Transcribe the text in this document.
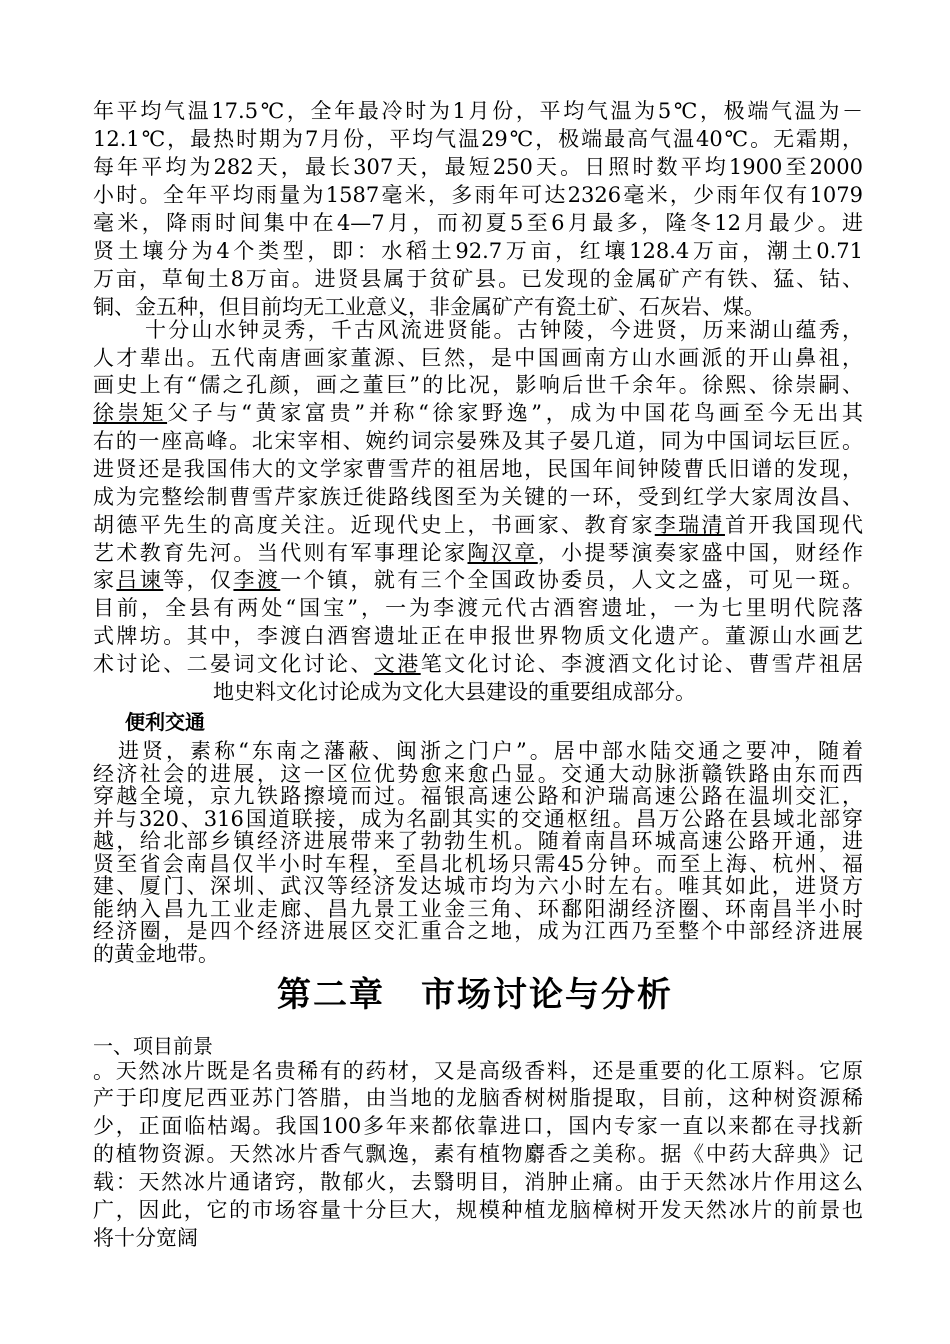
年平均气温17.5℃，全年最冷时为1月份，平均气温为5℃，极端气温为－
12.1℃，最热时期为7月份，平均气温29℃，极端最高气温40℃。无霜期，
每年平均为282天，最长307天，最短250天。日照时数平均1900至2000
小时。全年平均雨量为1587毫米，多雨年可达2326毫米，少雨年仅有1079
毫米，降雨时间集中在4—7月，而初夏5至6月最多，隆冬12月最少。进
贤土壤分为4个类型，即：水稻土92.7万亩，红壤128.4万亩，潮土0.71
万亩，草甸土8万亩。进贤县属于贫矿县。已发现的金属矿产有铁、猛、钴、
铜、金五种，但目前均无工业意义，非金属矿产有瓷土矿、石灰岩、煤。
十分山水钟灵秀，千古风流进贤能。古钟陵，今进贤，历来湖山蕴秀，
人才辈出。五代南唐画家董源、巨然，是中国画南方山水画派的开山鼻祖，
画史上有“儒之孔颜，画之董巨”的比况，影响后世千余年。徐熙、徐崇嗣、
徐崇矩父子与“黄家富贵”并称“徐家野逸”，成为中国花鸟画至今无出其
右的一座高峰。北宋宰相、婉约词宗晏殊及其子晏几道，同为中国词坛巨匠。
进贤还是我国伟大的文学家曹雪芹的祖居地，民国年间钟陵曹氏旧谱的发现，
成为完整绘制曹雪芹家族迁徙路线图至为关键的一环，受到红学大家周汝昌、
胡德平先生的高度关注。近现代史上，书画家、教育家李瑞清首开我国现代
艺术教育先河。当代则有军事理论家陶汉章，小提琴演奏家盛中国，财经作
家吕谏等，仅李渡一个镇，就有三个全国政协委员，人文之盛，可见一斑。
目前，全县有两处“国宝”，一为李渡元代古酒窖遗址，一为七里明代院落
式牌坊。其中，李渡白酒窖遗址正在申报世界物质文化遗产。董源山水画艺
术讨论、二晏词文化讨论、文港笔文化讨论、李渡酒文化讨论、曹雪芹祖居
地史料文化讨论成为文化大县建设的重要组成部分。
便利交通
进贤，素称“东南之藩蔽、闽浙之门户”。居中部水陆交通之要冲，随着
经济社会的进展，这一区位优势愈来愈凸显。交通大动脉浙赣铁路由东而西
穿越全境，京九铁路擦境而过。福银高速公路和沪瑞高速公路在温圳交汇，
并与320、316国道联接，成为名副其实的交通枢纽。昌万公路在县域北部穿
越，给北部乡镇经济进展带来了勃勃生机。随着南昌环城高速公路开通，进
贤至省会南昌仅半小时车程，至昌北机场只需45分钟。而至上海、杭州、福
建、厦门、深圳、武汉等经济发达城市均为六小时左右。唯其如此，进贤方
能纳入昌九工业走廊、昌九景工业金三角、环鄱阳湖经济圈、环南昌半小时
经济圈，是四个经济进展区交汇重合之地，成为江西乃至整个中部经济进展
的黄金地带。
第二章　市场讨论与分析
一、项目前景
。天然冰片既是名贵稀有的药材，又是高级香料，还是重要的化工原料。它原
产于印度尼西亚苏门答腊，由当地的龙脑香树树脂提取，目前，这种树资源稀
少，正面临枯竭。我国100多年来都依靠进口，国内专家一直以来都在寻找新
的植物资源。天然冰片香气飘逸，素有植物麝香之美称。据《中药大辞典》记
载：天然冰片通诸窍，散郁火，去翳明目，消肿止痛。由于天然冰片作用这么
广，因此，它的市场容量十分巨大，规模种植龙脑樟树开发天然冰片的前景也
将十分宽阔
